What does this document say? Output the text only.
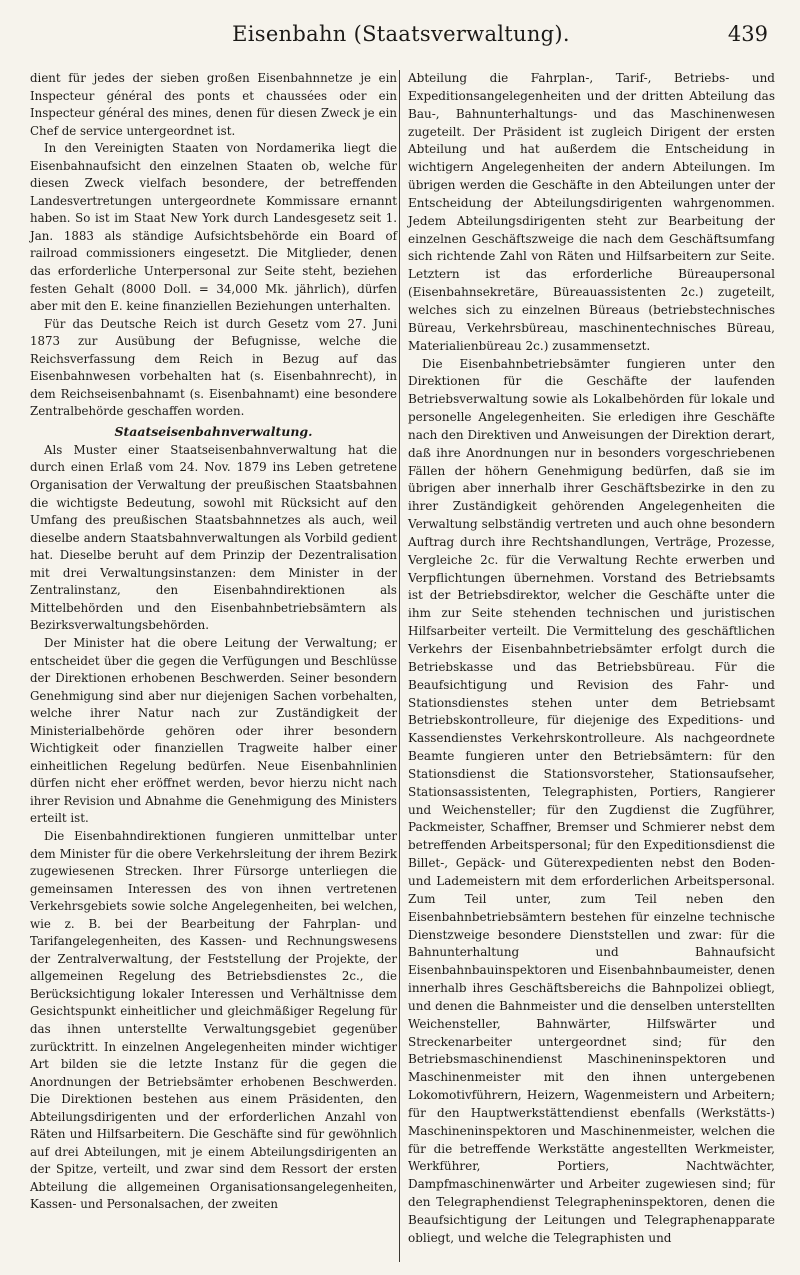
Eisenbahn (Staatsverwaltung).	439

dient für jedes der sieben großen Eisenbahnnetze je ein Inspecteur général des ponts et chaussées oder ein Inspecteur général des mines, denen für diesen Zweck je ein Chef de service untergeordnet ist.

In den Vereinigten Staaten von Nordamerika liegt die Eisenbahnaufsicht den einzelnen Staaten ob, welche für diesen Zweck vielfach besondere, der betreffenden Landesvertretungen untergeordnete Kommissare ernannt haben. So ist im Staat New York durch Landesgesetz seit 1. Jan. 1883 als ständige Aufsichtsbehörde ein Board of railroad commissioners eingesetzt. Die Mitglieder, denen das erforderliche Unterpersonal zur Seite steht, beziehen festen Gehalt (8000 Doll. = 34,000 Mk. jährlich), dürfen aber mit den E. keine finanziellen Beziehungen unterhalten.

Für das Deutsche Reich ist durch Gesetz vom 27. Juni 1873 zur Ausübung der Befugnisse, welche die Reichsverfassung dem Reich in Bezug auf das Eisenbahnwesen vorbehalten hat (s. Eisenbahnrecht), in dem Reichseisenbahnamt (s. Eisenbahnamt) eine besondere Zentralbehörde geschaffen worden.

Staatseisenbahnverwaltung.

Als Muster einer Staatseisenbahnverwaltung hat die durch einen Erlaß vom 24. Nov. 1879 ins Leben getretene Organisation der Verwaltung der preußischen Staatsbahnen die wichtigste Bedeutung, sowohl mit Rücksicht auf den Umfang des preußischen Staatsbahnnetzes als auch, weil dieselbe andern Staatsbahnverwaltungen als Vorbild gedient hat. Dieselbe beruht auf dem Prinzip der Dezentralisation mit drei Verwaltungsinstanzen: dem Minister in der Zentralinstanz, den Eisenbahndirektionen als Mittelbehörden und den Eisenbahnbetriebsämtern als Bezirksverwaltungsbehörden.

Der Minister hat die obere Leitung der Verwaltung; er entscheidet über die gegen die Verfügungen und Beschlüsse der Direktionen erhobenen Beschwerden. Seiner besondern Genehmigung sind aber nur diejenigen Sachen vorbehalten, welche ihrer Natur nach zur Zuständigkeit der Ministerialbehörde gehören oder ihrer besondern Wichtigkeit oder finanziellen Tragweite halber einer einheitlichen Regelung bedürfen. Neue Eisenbahnlinien dürfen nicht eher eröffnet werden, bevor hierzu nicht nach ihrer Revision und Abnahme die Genehmigung des Ministers erteilt ist.

Die Eisenbahndirektionen fungieren unmittelbar unter dem Minister für die obere Verkehrsleitung der ihrem Bezirk zugewiesenen Strecken. Ihrer Fürsorge unterliegen die gemeinsamen Interessen des von ihnen vertretenen Verkehrsgebiets sowie solche Angelegenheiten, bei welchen, wie z. B. bei der Bearbeitung der Fahrplan- und Tarifangelegenheiten, des Kassen- und Rechnungswesens der Zentralverwaltung, der Feststellung der Projekte, der allgemeinen Regelung des Betriebsdienstes 2c., die Berücksichtigung lokaler Interessen und Verhältnisse dem Gesichtspunkt einheitlicher und gleichmäßiger Regelung für das ihnen unterstellte Verwaltungsgebiet gegenüber zurücktritt. In einzelnen Angelegenheiten minder wichtiger Art bilden sie die letzte Instanz für die gegen die Anordnungen der Betriebsämter erhobenen Beschwerden. Die Direktionen bestehen aus einem Präsidenten, den Abteilungsdirigenten und der erforderlichen Anzahl von Räten und Hilfsarbeitern. Die Geschäfte sind für gewöhnlich auf drei Abteilungen, mit je einem Abteilungsdirigenten an der Spitze, verteilt, und zwar sind dem Ressort der ersten Abteilung die allgemeinen Organisationsangelegenheiten, Kassen- und Personalsachen, der zweiten

Abteilung die Fahrplan-, Tarif-, Betriebs- und Expeditionsangelegenheiten und der dritten Abteilung das Bau-, Bahnunterhaltungs- und das Maschinenwesen zugeteilt. Der Präsident ist zugleich Dirigent der ersten Abteilung und hat außerdem die Entscheidung in wichtigern Angelegenheiten der andern Abteilungen. Im übrigen werden die Geschäfte in den Abteilungen unter der Entscheidung der Abteilungsdirigenten wahrgenommen. Jedem Abteilungsdirigenten steht zur Bearbeitung der einzelnen Geschäftszweige die nach dem Geschäftsumfang sich richtende Zahl von Räten und Hilfsarbeitern zur Seite. Letztern ist das erforderliche Büreaupersonal (Eisenbahnsekretäre, Büreauassistenten 2c.) zugeteilt, welches sich zu einzelnen Büreaus (betriebstechnisches Büreau, Verkehrsbüreau, maschinentechnisches Büreau, Materialienbüreau 2c.) zusammensetzt.

Die Eisenbahnbetriebsämter fungieren unter den Direktionen für die Geschäfte der laufenden Betriebsverwaltung sowie als Lokalbehörden für lokale und personelle Angelegenheiten. Sie erledigen ihre Geschäfte nach den Direktiven und Anweisungen der Direktion derart, daß ihre Anordnungen nur in besonders vorgeschriebenen Fällen der höhern Genehmigung bedürfen, daß sie im übrigen aber innerhalb ihrer Geschäftsbezirke in den zu ihrer Zuständigkeit gehörenden Angelegenheiten die Verwaltung selbständig vertreten und auch ohne besondern Auftrag durch ihre Rechtshandlungen, Verträge, Prozesse, Vergleiche 2c. für die Verwaltung Rechte erwerben und Verpflichtungen übernehmen. Vorstand des Betriebsamts ist der Betriebsdirektor, welcher die Geschäfte unter die ihm zur Seite stehenden technischen und juristischen Hilfsarbeiter verteilt. Die Vermittelung des geschäftlichen Verkehrs der Eisenbahnbetriebsämter erfolgt durch die Betriebskasse und das Betriebsbüreau. Für die Beaufsichtigung und Revision des Fahr- und Stationsdienstes stehen unter dem Betriebsamt Betriebskontrolleure, für diejenige des Expeditions- und Kassendienstes Verkehrskontrolleure. Als nachgeordnete Beamte fungieren unter den Betriebsämtern: für den Stationsdienst die Stationsvorsteher, Stationsaufseher, Stationsassistenten, Telegraphisten, Portiers, Rangierer und Weichensteller; für den Zugdienst die Zugführer, Packmeister, Schaffner, Bremser und Schmierer nebst dem betreffenden Arbeitspersonal; für den Expeditionsdienst die Billet-, Gepäck- und Güterexpedienten nebst den Boden- und Lademeistern mit dem erforderlichen Arbeitspersonal. Zum Teil unter, zum Teil neben den Eisenbahnbetriebsämtern bestehen für einzelne technische Dienstzweige besondere Dienststellen und zwar: für die Bahnunterhaltung und Bahnaufsicht Eisenbahnbauinspektoren und Eisenbahnbaumeister, denen innerhalb ihres Geschäftsbereichs die Bahnpolizei obliegt, und denen die Bahnmeister und die denselben unterstellten Weichensteller, Bahnwärter, Hilfswärter und Streckenarbeiter untergeordnet sind; für den Betriebsmaschinendienst Maschineninspektoren und Maschinenmeister mit den ihnen untergebenen Lokomotivführern, Heizern, Wagenmeistern und Arbeitern; für den Hauptwerkstättendienst ebenfalls (Werkstätts-) Maschineninspektoren und Maschinenmeister, welchen die für die betreffende Werkstätte angestellten Werkmeister, Werkführer, Portiers, Nachtwächter, Dampfmaschinenwärter und Arbeiter zugewiesen sind; für den Telegraphendienst Telegrapheninspektoren, denen die Beaufsichtigung der Leitungen und Telegraphenapparate obliegt, und welche die Telegraphisten und
